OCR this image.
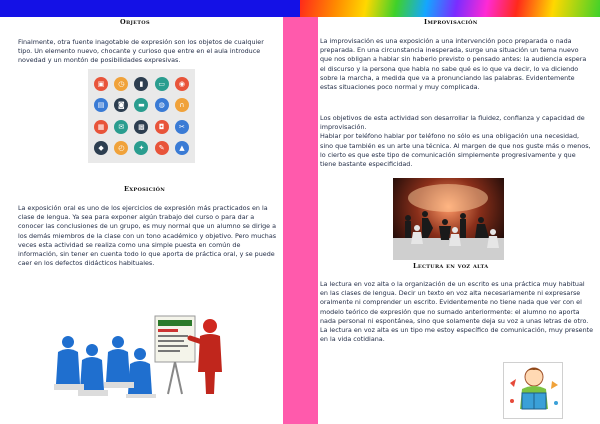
Objetos
Finalmente, otra fuente inagotable de expresión son los objetos de cualquier tipo. Un elemento nuevo, chocante y curioso que entre en el aula introduce novedad y un montón de posibilidades expresivas.
▣	◷	▮	▭	◉
▤	◙	▬	◍	∩
▦	✉	▩	◘	✂
◆	◴	✦	✎	▲
Exposición
La exposición oral es uno de los ejercicios de expresión más practicados en la clase de lengua. Ya sea para exponer algún trabajo del curso o para dar a conocer las conclusiones de un grupo, es muy normal que un alumno se dirige a los demás miembros de la clase con un tono académico y objetivo. Pero muchas veces esta actividad se realiza como una simple puesta en común de información, sin tener en cuenta todo lo que aporta de práctica oral, y se puede caer en los defectos didácticos habituales.
Improvisación
La improvisación es una exposición a una intervención poco preparada o nada preparada. En una circunstancia inesperada, surge una situación un tema nuevo que nos obligan a hablar sin haberlo previsto o pensado antes: la audiencia espera el discurso y la persona que habla no sabe qué es lo que va decir, lo va diciendo sobre la marcha, a medida que va a pronunciando las palabras. Evidentemente estas situaciones poco normal y muy complicada.
Los objetivos de esta actividad son desarrollar la fluidez, confianza y capacidad de improvisación.
Hablar por teléfono hablar por teléfono no sólo es una obligación una necesidad, sino que también es un arte una técnica. Al margen de que nos guste más o menos, lo cierto es que este tipo de comunicación simplemente progresivamente y que tiene bastante especificidad.
Lectura en voz alta
La lectura en voz alta o la organización de un escrito es una práctica muy habitual en las clases de lengua. Decir un texto en voz alta necesariamente ni expresarse oralmente ni comprender un escrito. Evidentemente no tiene nada que ver con el modelo teórico de expresión que no sumado anteriormente: el alumno no aporta nada personal ni espontánea, sino que solamente deja su voz a unas letras de otro.
La lectura en voz alta es un tipo me estoy específico de comunicación, muy presente en la vida cotidiana.
